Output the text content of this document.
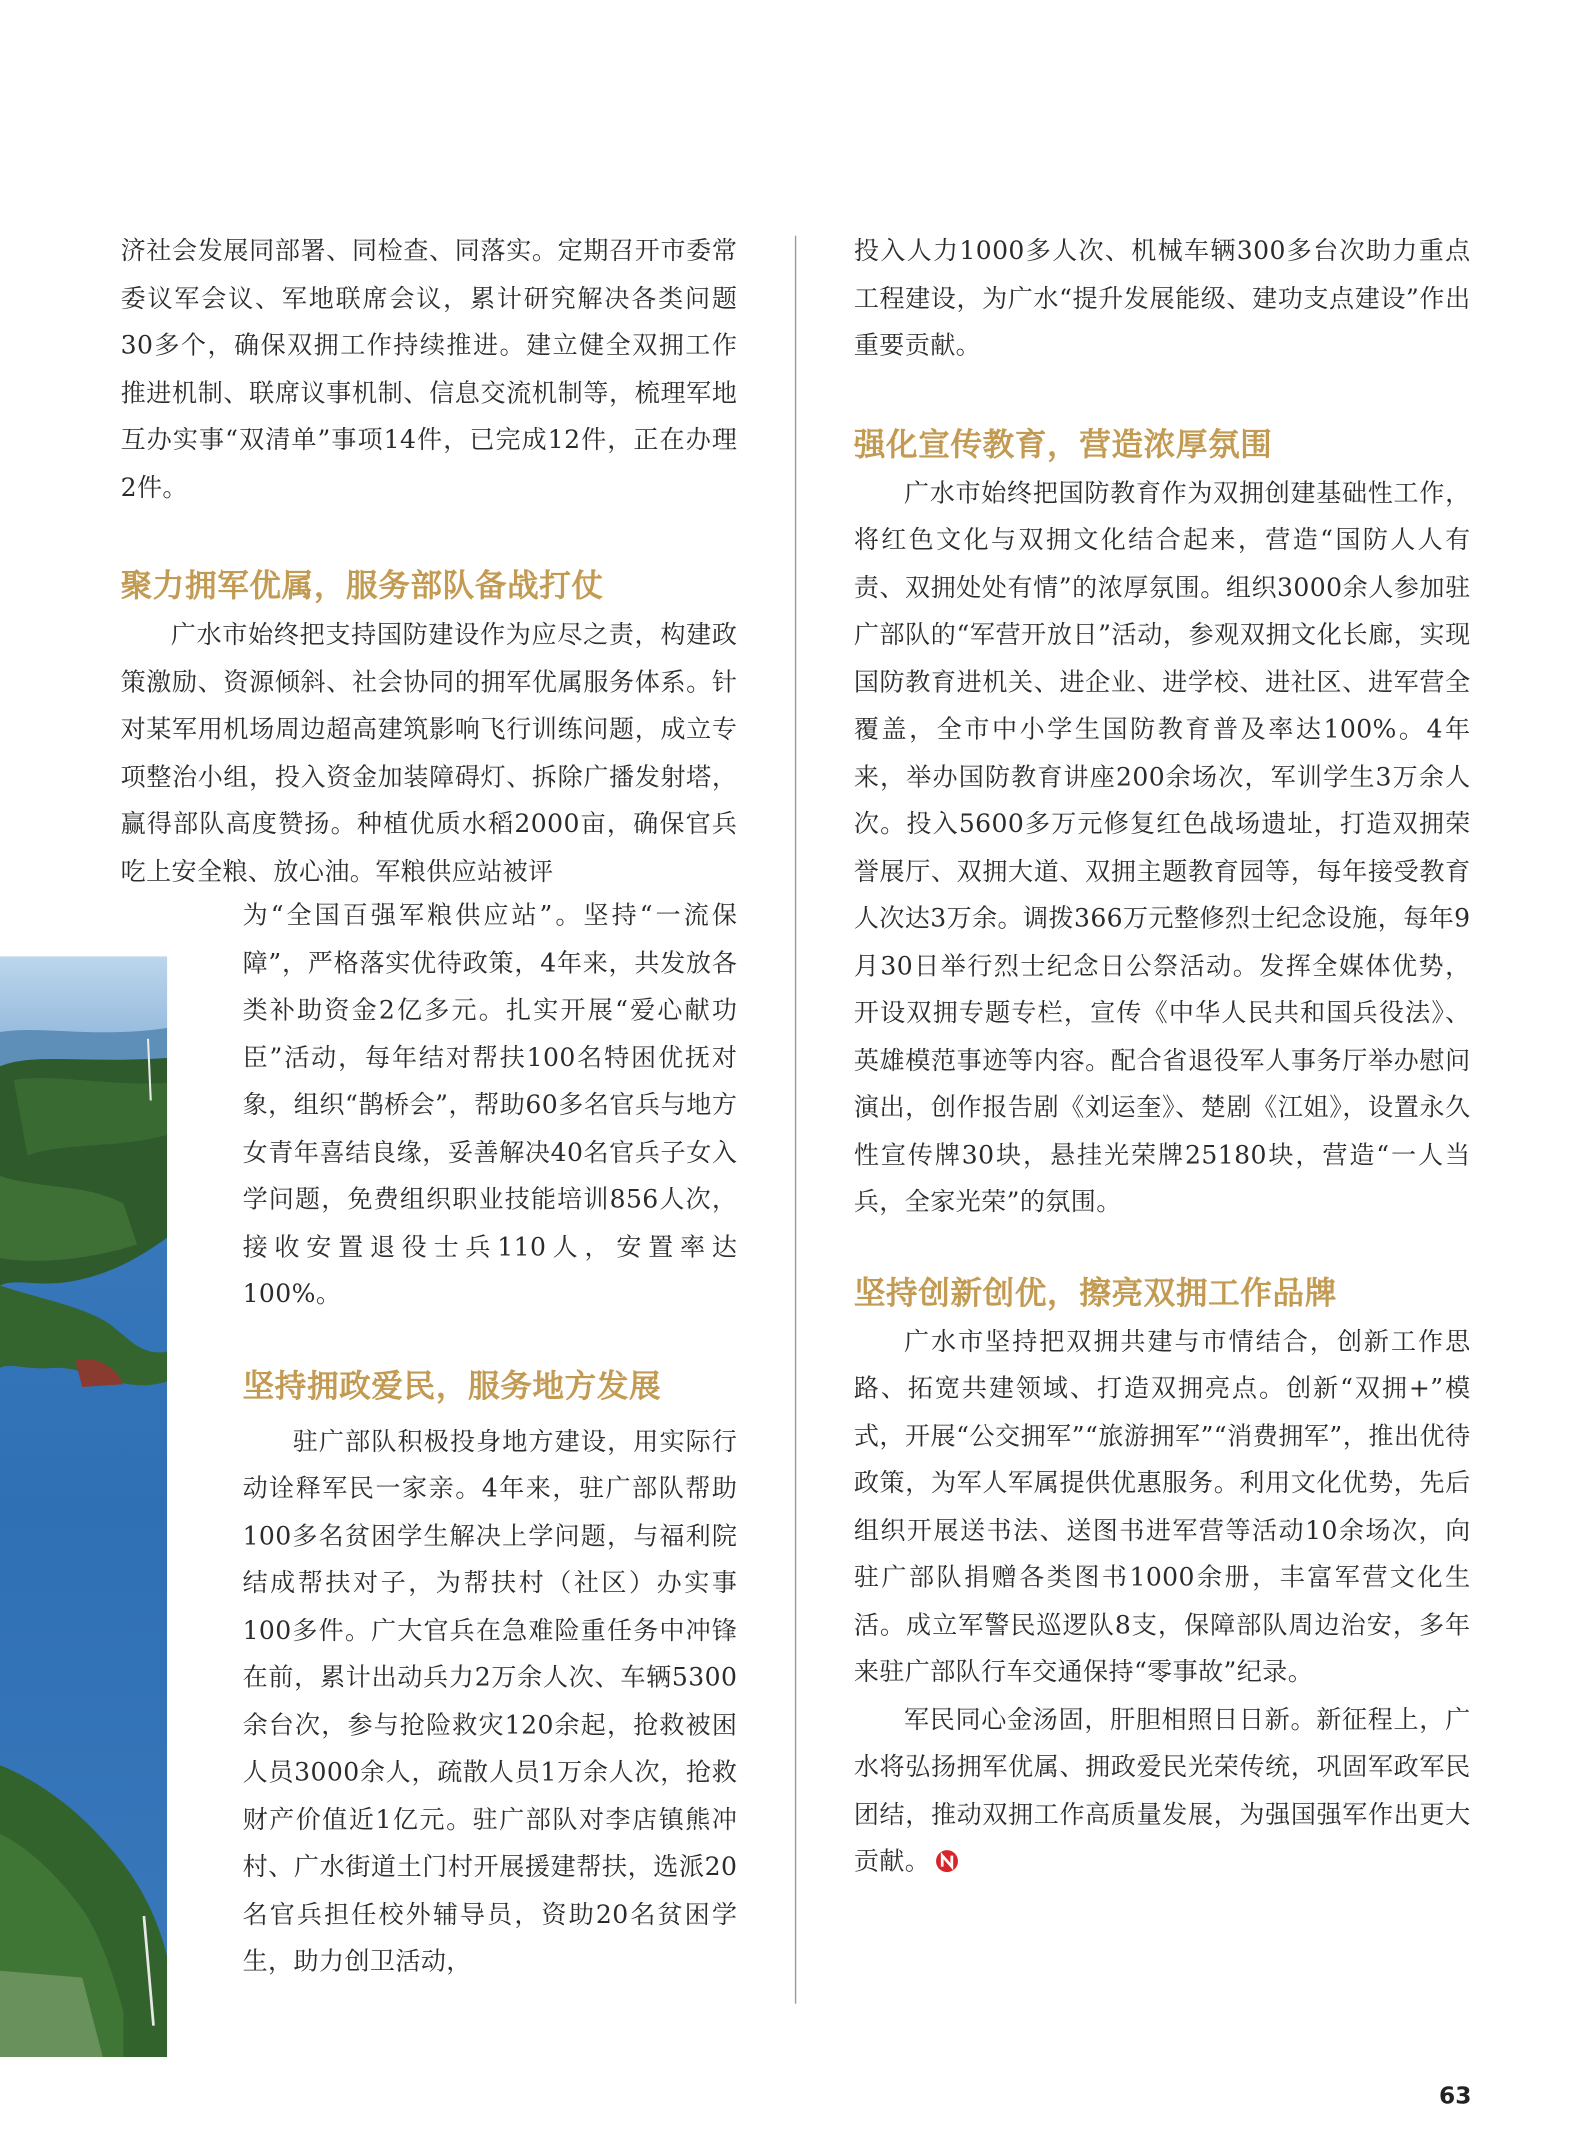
济社会发展同部署、同检查、同落实。定期召开市委常委议军会议、军地联席会议，累计研究解决各类问题30多个，确保双拥工作持续推进。建立健全双拥工作推进机制、联席议事机制、信息交流机制等，梳理军地互办实事“双清单”事项14件，已完成12件，正在办理2件。

聚力拥军优属，服务部队备战打仗

广水市始终把支持国防建设作为应尽之责，构建政策激励、资源倾斜、社会协同的拥军优属服务体系。针对某军用机场周边超高建筑影响飞行训练问题，成立专项整治小组，投入资金加装障碍灯、拆除广播发射塔，赢得部队高度赞扬。种植优质水稻2000亩，确保官兵吃上安全粮、放心油。军粮供应站被评

为“全国百强军粮供应站”。坚持“一流保障”，严格落实优待政策，4年来，共发放各类补助资金2亿多元。扎实开展“爱心献功臣”活动，每年结对帮扶100名特困优抚对象，组织“鹊桥会”，帮助60多名官兵与地方女青年喜结良缘，妥善解决40名官兵子女入学问题，免费组织职业技能培训856人次，接收安置退役士兵110人，安置率达100%。

坚持拥政爱民，服务地方发展

驻广部队积极投身地方建设，用实际行动诠释军民一家亲。4年来，驻广部队帮助100多名贫困学生解决上学问题，与福利院结成帮扶对子，为帮扶村（社区）办实事100多件。广大官兵在急难险重任务中冲锋在前，累计出动兵力2万余人次、车辆5300余台次，参与抢险救灾120余起，抢救被困人员3000余人，疏散人员1万余人次，抢救财产价值近1亿元。驻广部队对李店镇熊冲村、广水街道土门村开展援建帮扶，选派20名官兵担任校外辅导员，资助20名贫困学生，助力创卫活动，

投入人力1000多人次、机械车辆300多台次助力重点工程建设，为广水“提升发展能级、建功支点建设”作出重要贡献。

强化宣传教育，营造浓厚氛围

广水市始终把国防教育作为双拥创建基础性工作，将红色文化与双拥文化结合起来，营造“国防人人有责、双拥处处有情”的浓厚氛围。组织3000余人参加驻广部队的“军营开放日”活动，参观双拥文化长廊，实现国防教育进机关、进企业、进学校、进社区、进军营全覆盖，全市中小学生国防教育普及率达100%。4年来，举办国防教育讲座200余场次，军训学生3万余人次。投入5600多万元修复红色战场遗址，打造双拥荣誉展厅、双拥大道、双拥主题教育园等，每年接受教育人次达3万余。调拨366万元整修烈士纪念设施，每年9月30日举行烈士纪念日公祭活动。发挥全媒体优势，开设双拥专题专栏，宣传《中华人民共和国兵役法》、英雄模范事迹等内容。配合省退役军人事务厅举办慰问演出，创作报告剧《刘运奎》、楚剧《江姐》，设置永久性宣传牌30块，悬挂光荣牌25180块，营造“一人当兵，全家光荣”的氛围。

坚持创新创优，擦亮双拥工作品牌

广水市坚持把双拥共建与市情结合，创新工作思路、拓宽共建领域、打造双拥亮点。创新“双拥+”模式，开展“公交拥军”“旅游拥军”“消费拥军”，推出优待政策，为军人军属提供优惠服务。利用文化优势，先后组织开展送书法、送图书进军营等活动10余场次，向驻广部队捐赠各类图书1000余册，丰富军营文化生活。成立军警民巡逻队8支，保障部队周边治安，多年来驻广部队行车交通保持“零事故”纪录。

军民同心金汤固，肝胆相照日日新。新征程上，广水将弘扬拥军优属、拥政爱民光荣传统，巩固军政军民团结，推动双拥工作高质量发展，为强国强军作出更大贡献。

63
